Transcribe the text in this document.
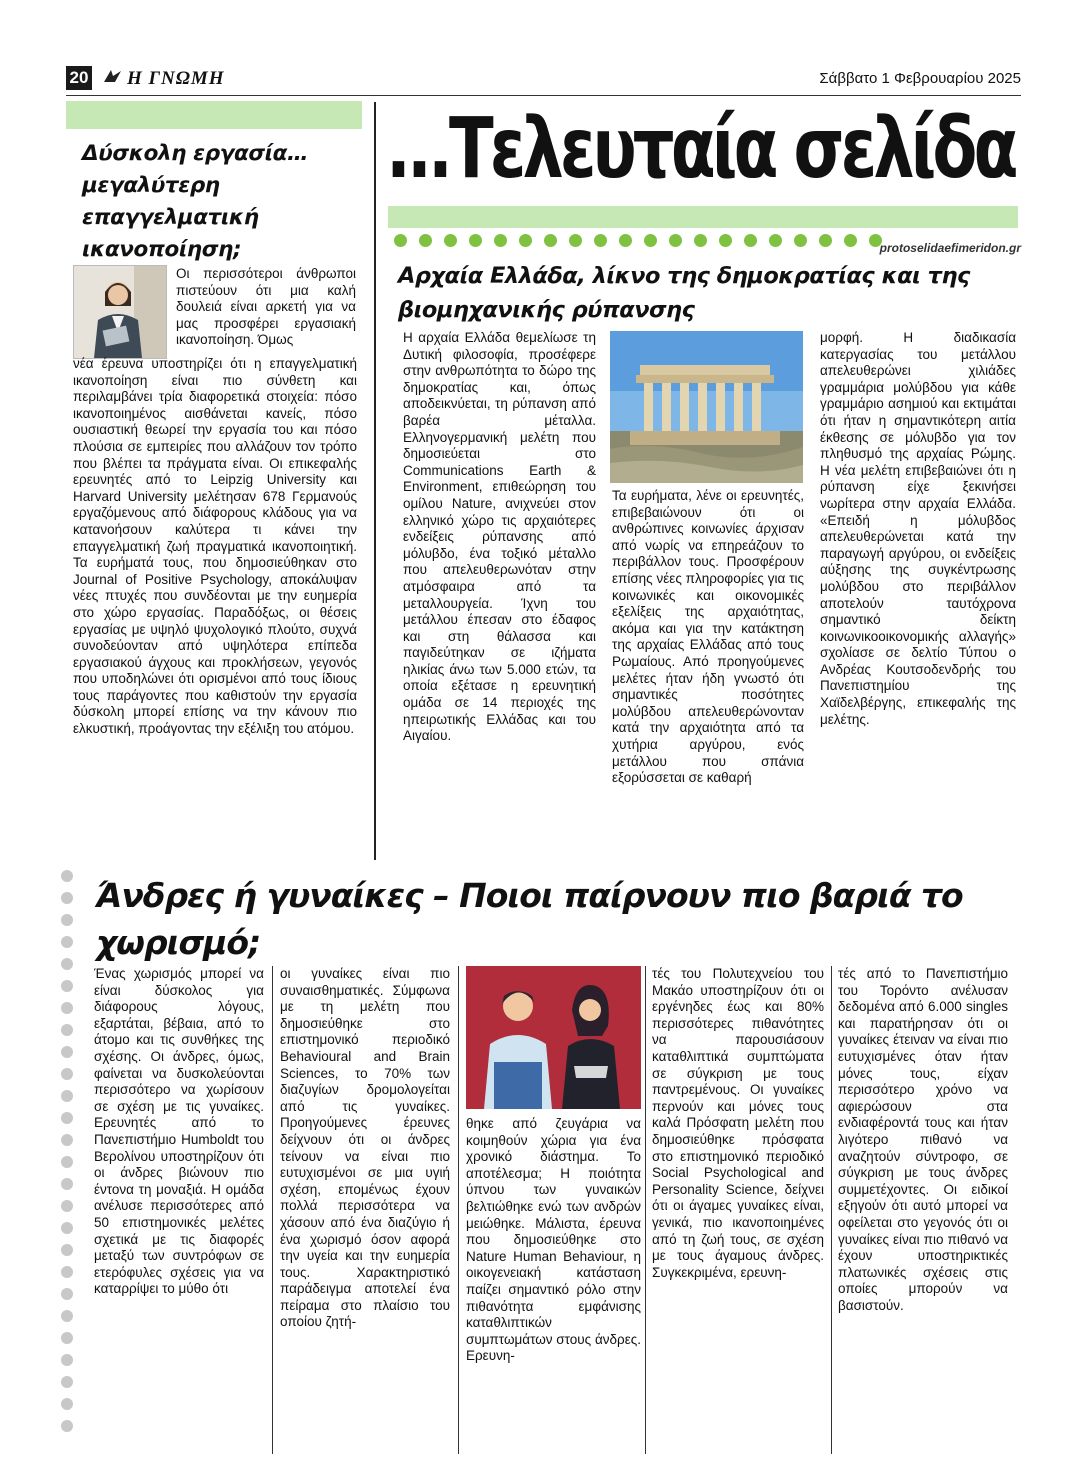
20	Η ΓΝΩΜΗ	Σάββατο 1 Φεβρουαρίου 2025
...Τελευταία σελίδα
protoselidaefimeridon.gr
Δύσκολη εργασία… μεγαλύτερη επαγγελματική ικανοποίηση;

Οι περισσότεροι άνθρωποι πιστεύουν ότι μια καλή δουλειά είναι αρκετή για να μας προσφέρει εργασιακή ικανοποίηση. Όμως

νέα έρευνα υποστηρίζει ότι η επαγγελματική ικανοποίηση είναι πιο σύνθετη και περιλαμβάνει τρία διαφορετικά στοιχεία: πόσο ικανοποιημένος αισθάνεται κανείς, πόσο ουσιαστική θεωρεί την εργασία του και πόσο πλούσια σε εμπειρίες που αλλάζουν τον τρόπο που βλέπει τα πράγματα είναι. Οι επικεφαλής ερευνητές από το Leipzig University και Harvard University μελέτησαν 678 Γερμανούς εργαζόμενους από διάφορους κλάδους για να κατανοήσουν καλύτερα τι κάνει την επαγγελματική ζωή πραγματικά ικανοποιητική. Τα ευρήματά τους, που δημοσιεύθηκαν στο Journal of Positive Psychology, αποκάλυψαν νέες πτυχές που συνδέονται με την ευημερία στο χώρο εργασίας. Παραδόξως, οι θέσεις εργασίας με υψηλό ψυχολογικό πλούτο, συχνά συνοδεύονταν από υψηλότερα επίπεδα εργασιακού άγχους και προκλήσεων, γεγονός που υποδηλώνει ότι ορισμένοι από τους ίδιους τους παράγοντες που καθιστούν την εργασία δύσκολη μπορεί επίσης να την κάνουν πιο ελκυστική, προάγοντας την εξέλιξη του ατόμου.

Αρχαία Ελλάδα, λίκνο της δημοκρατίας και της βιομηχανικής ρύπανσης
Η αρχαία Ελλάδα θεμελίωσε τη Δυτική φιλοσοφία, προσέφερε στην ανθρωπότητα το δώρο της δημοκρατίας και, όπως αποδεικνύεται, τη ρύπανση από βαρέα μέταλλα. Ελληνογερμανική μελέτη που δημοσιεύεται στο Communications Earth & Environment, επιθεώρηση του ομίλου Nature, ανιχνεύει στον ελληνικό χώρο τις αρχαιότερες ενδείξεις ρύπανσης από μόλυβδο, ένα τοξικό μέταλλο που απελευθερωνόταν στην ατμόσφαιρα από τα μεταλλουργεία. Ίχνη του μετάλλου έπεσαν στο έδαφος και στη θάλασσα και παγιδεύτηκαν σε ιζήματα ηλικίας άνω των 5.000 ετών, τα οποία εξέτασε η ερευνητική ομάδα σε 14 περιοχές της ηπειρωτικής Ελλάδας και του Αιγαίου.
Τα ευρήματα, λένε οι ερευνητές, επιβεβαιώνουν ότι οι ανθρώπινες κοινωνίες άρχισαν από νωρίς να επηρεάζουν το περιβάλλον τους. Προσφέρουν επίσης νέες πληροφορίες για τις κοινωνικές και οικονομικές εξελίξεις της αρχαιότητας, ακόμα και για την κατάκτηση της αρχαίας Ελλάδας από τους Ρωμαίους. Από προηγούμενες μελέτες ήταν ήδη γνωστό ότι σημαντικές ποσότητες μολύβδου απελευθερώνονταν κατά την αρχαιότητα από τα χυτήρια αργύρου, ενός μετάλλου που σπάνια εξορύσσεται σε καθαρή
μορφή. Η διαδικασία κατεργασίας του μετάλλου απελευθερώνει χιλιάδες γραμμάρια μολύβδου για κάθε γραμμάριο ασημιού και εκτιμάται ότι ήταν η σημαντικότερη αιτία έκθεσης σε μόλυβδο για τον πληθυσμό της αρχαίας Ρώμης. Η νέα μελέτη επιβεβαιώνει ότι η ρύπανση είχε ξεκινήσει νωρίτερα στην αρχαία Ελλάδα. «Επειδή η μόλυβδος απελευθερώνεται κατά την παραγωγή αργύρου, οι ενδείξεις αύξησης της συγκέντρωσης μολύβδου στο περιβάλλον αποτελούν ταυτόχρονα σημαντικό δείκτη κοινωνικοοικονομικής αλλαγής» σχολίασε σε δελτίο Τύπου ο Ανδρέας Κουτσοδενδρής του Πανεπιστημίου της Χαϊδελβέργης, επικεφαλής της μελέτης.
Άνδρες ή γυναίκες – Ποιοι παίρνουν πιο βαριά το χωρισμό;
Ένας χωρισμός μπορεί να είναι δύσκολος για διάφορους λόγους, εξαρτάται, βέβαια, από το άτομο και τις συνθήκες της σχέσης. Οι άνδρες, όμως, φαίνεται να δυσκολεύονται περισσότερο να χωρίσουν σε σχέση με τις γυναίκες. Ερευνητές από το Πανεπιστήμιο Humboldt του Βερολίνου υποστηρίζουν ότι οι άνδρες βιώνουν πιο έντονα τη μοναξιά. Η ομάδα ανέλυσε περισσότερες από 50 επιστημονικές μελέτες σχετικά με τις διαφορές μεταξύ των συντρόφων σε ετερόφυλες σχέσεις για να καταρρίψει το μύθο ότι
οι γυναίκες είναι πιο συναισθηματικές. Σύμφωνα με τη μελέτη που δημοσιεύθηκε στο επιστημονικό περιοδικό Behavioural and Brain Sciences, το 70% των διαζυγίων δρομολογείται από τις γυναίκες. Προηγούμενες έρευνες δείχνουν ότι οι άνδρες τείνουν να είναι πιο ευτυχισμένοι σε μια υγιή σχέση, επομένως έχουν πολλά περισσότερα να χάσουν από ένα διαζύγιο ή ένα χωρισμό όσον αφορά την υγεία και την ευημερία τους. Χαρακτηριστικό παράδειγμα αποτελεί ένα πείραμα στο πλαίσιο του οποίου ζητή-
θηκε από ζευγάρια να κοιμηθούν χώρια για ένα χρονικό διάστημα. Το αποτέλεσμα; Η ποιότητα ύπνου των γυναικών βελτιώθηκε ενώ των ανδρών μειώθηκε. Μάλιστα, έρευνα που δημοσιεύθηκε στο Nature Human Behaviour, η οικογενειακή κατάσταση παίζει σημαντικό ρόλο στην πιθανότητα εμφάνισης καταθλιπτικών συμπτωμάτων στους άνδρες. Ερευνη-
τές του Πολυτεχνείου του Μακάο υποστηρίζουν ότι οι εργένηδες έως και 80% περισσότερες πιθανότητες να παρουσιάσουν καταθλιπτικά συμπτώματα σε σύγκριση με τους παντρεμένους. Οι γυναίκες περνούν και μόνες τους καλά Πρόσφατη μελέτη που δημοσιεύθηκε πρόσφατα στο επιστημονικό περιοδικό Social Psychological and Personality Science, δείχνει ότι οι άγαμες γυναίκες είναι, γενικά, πιο ικανοποιημένες από τη ζωή τους, σε σχέση με τους άγαμους άνδρες. Συγκεκριμένα, ερευνη-
τές από το Πανεπιστήμιο του Τορόντο ανέλυσαν δεδομένα από 6.000 singles και παρατήρησαν ότι οι γυναίκες έτειναν να είναι πιο ευτυχισμένες όταν ήταν μόνες τους, είχαν περισσότερο χρόνο να αφιερώσουν στα ενδιαφέροντά τους και ήταν λιγότερο πιθανό να αναζητούν σύντροφο, σε σύγκριση με τους άνδρες συμμετέχοντες. Οι ειδικοί εξηγούν ότι αυτό μπορεί να οφείλεται στο γεγονός ότι οι γυναίκες είναι πιο πιθανό να έχουν υποστηρικτικές πλατωνικές σχέσεις στις οποίες μπορούν να βασιστούν.
